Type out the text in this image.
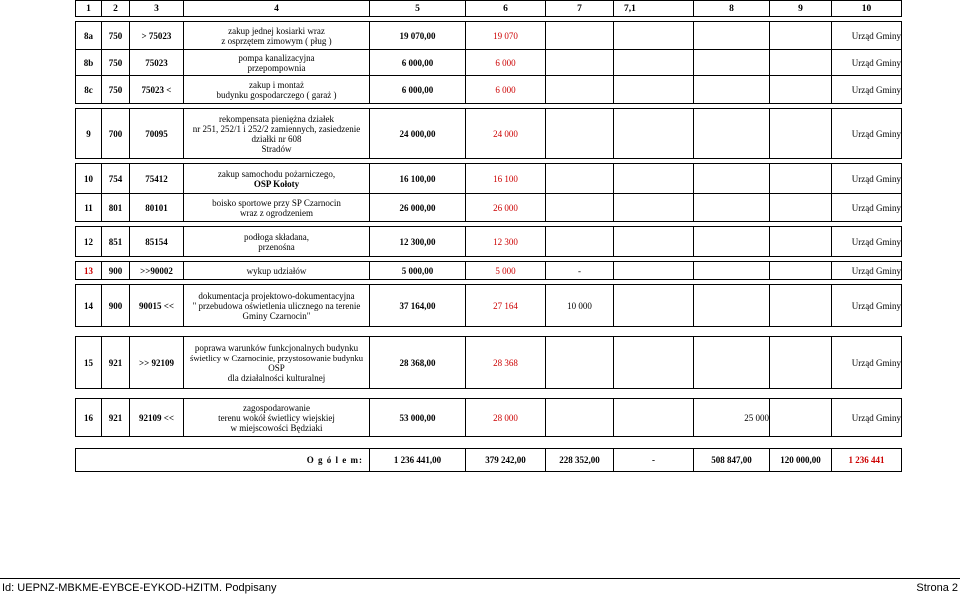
1	2	3	4	5	6	7	7,1	8	9	10

8a	750	> 75023	zakup jednej kosiarki wraz
z osprzętem zimowym ( pług )	19 070,00	19 070					Urząd Gminy
8b	750	75023	pompa kanalizacyjna
przepompownia	6 000,00	6 000					Urząd Gminy
8c	750	75023 <	zakup i montaż
budynku gospodarczego ( garaż )	6 000,00	6 000					Urząd Gminy

9	700	70095	rekompensata pieniężna działek
nr 251, 252/1 i 252/2 zamiennych, zasiedzenie
działki nr 608
Stradów	24 000,00	24 000					Urząd Gminy

10	754	75412	zakup samochodu pożarniczego,
OSP Kołoty	16 100,00	16 100					Urząd Gminy
11	801	80101	boisko sportowe przy SP Czarnocin
wraz z ogrodzeniem	26 000,00	26 000					Urząd Gminy

12	851	85154	podłoga składana,
przenośna	12 300,00	12 300					Urząd Gminy

13	900	>>90002	wykup udziałów	5 000,00	5 000	-				Urząd Gminy

14	900	90015 <<	dokumentacja projektowo-dokumentacyjna
" przebudowa oświetlenia ulicznego na terenie
Gminy Czarnocin"	37 164,00	27 164	10 000				Urząd Gminy

15	921	>> 92109	poprawa warunków funkcjonalnych budynku
świetlicy w Czarnocinie, przystosowanie budynku
OSP
dla działalności kulturalnej	28 368,00	28 368					Urząd Gminy

16	921	92109 <<	zagospodarowanie
terenu wokół świetlicy wiejskiej
w miejscowości Będziaki	53 000,00	28 000			25 000		Urząd Gminy

O g ó l e m:				1 236 441,00	379 242,00	228 352,00	-	508 847,00	120 000,00	1 236 441
Id: UEPNZ-MBKME-EYBCE-EYKOD-HZITM. Podpisany	Strona 2
